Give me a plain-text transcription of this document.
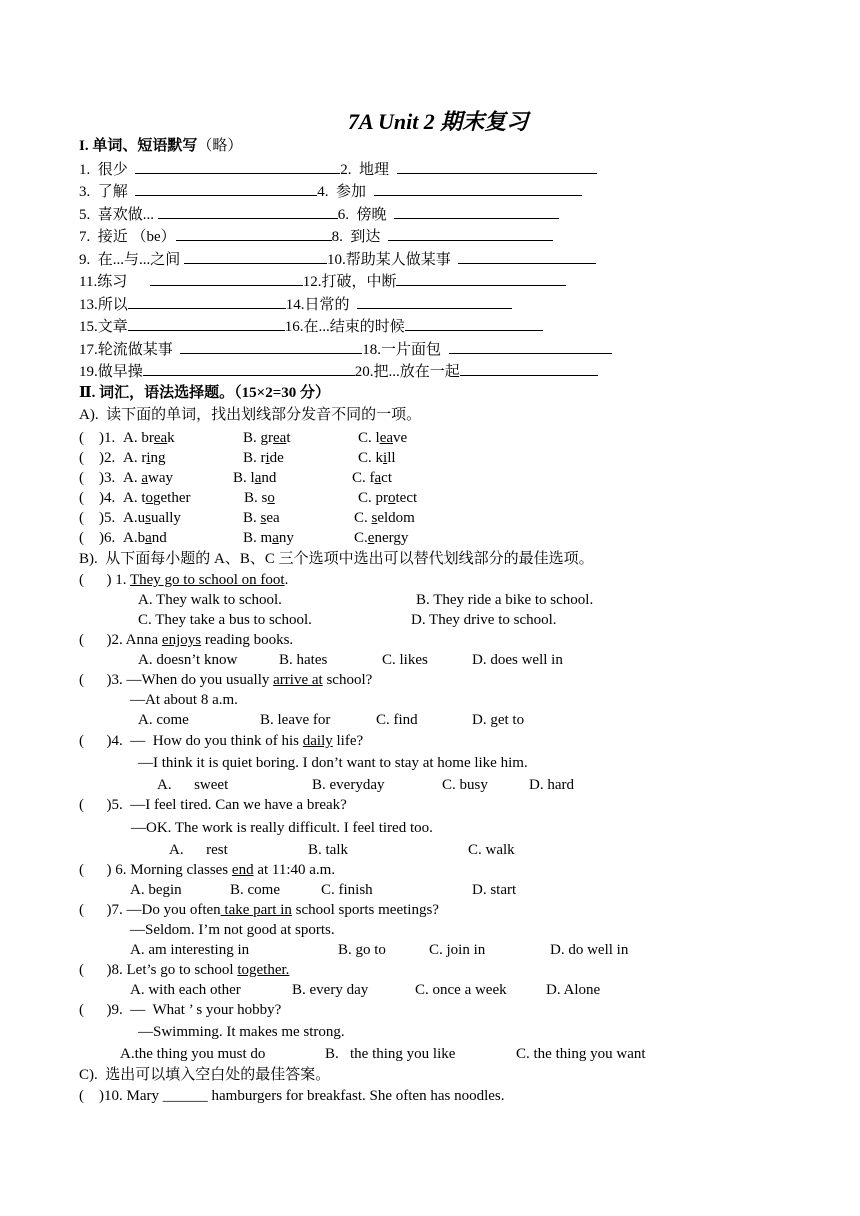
7A Unit 2 期末复习
I. 单词、短语默写（略）
1.  很少	2.  地理
3.  了解	4.  参加
5.  喜欢做...	6.  傍晚
7.  接近 （be）	8.  到达
9.  在...与...之间	10.帮助某人做某事
11.练习	12.打破，中断
13.所以	14.日常的
15.文章	16.在...结束的时候
17.轮流做某事	18.一片面包
19.做早操	20.把...放在一起
Ⅱ. 词汇，语法选择题。（15×2=30 分）
A).  读下面的单词，找出划线部分发音不同的一项。
(    )1. A. break	B. great	C. leave
(    )2. A. ring	B. ride	C. kill
(    )3. A. away	B. land	C. fact
(    )4. A. together	B. so	C. protect
(    )5. A.usually	B. sea	C. seldom
(    )6. A.band	B. many	C.energy
B).  从下面每小题的 A、B、C 三个选项中选出可以替代划线部分的最佳选项。
(      ) 1. They go to school on foot.
A. They walk to school.	B. They ride a bike to school.
C. They take a bus to school.	D. They drive to school.
(      )2. Anna enjoys reading books.
A. doesn’t know	B. hates	C. likes	D. does well in
(      )3. —When do you usually arrive at school?
—At about 8 a.m.
A. come	B. leave for	C. find	D. get to
(      )4.  —  How do you think of his daily life?
—I think it is quiet boring. I don’t want to stay at home like him.
A.      sweet	B. everyday	C. busy	D. hard
(      )5.  —I feel tired. Can we have a break?
—OK. The work is really difficult. I feel tired too.
A.      rest	B. talk	C. walk
(      ) 6. Morning classes end at 11:40 a.m.
A. begin	B. come	C. finish	D. start
(      )7. —Do you often take part in school sports meetings?
—Seldom. I’m not good at sports.
A. am interesting in	B. go to	C. join in	D. do well in
(      )8. Let’s go to school together.
A. with each other	B. every day	C. once a week	D. Alone
(      )9.  —  What ’ s your hobby?
—Swimming. It makes me strong.
A.the thing you must do	B.   the thing you like	C. the thing you want
C).  选出可以填入空白处的最佳答案。
(    )10. Mary ______ hamburgers for breakfast. She often has noodles.
